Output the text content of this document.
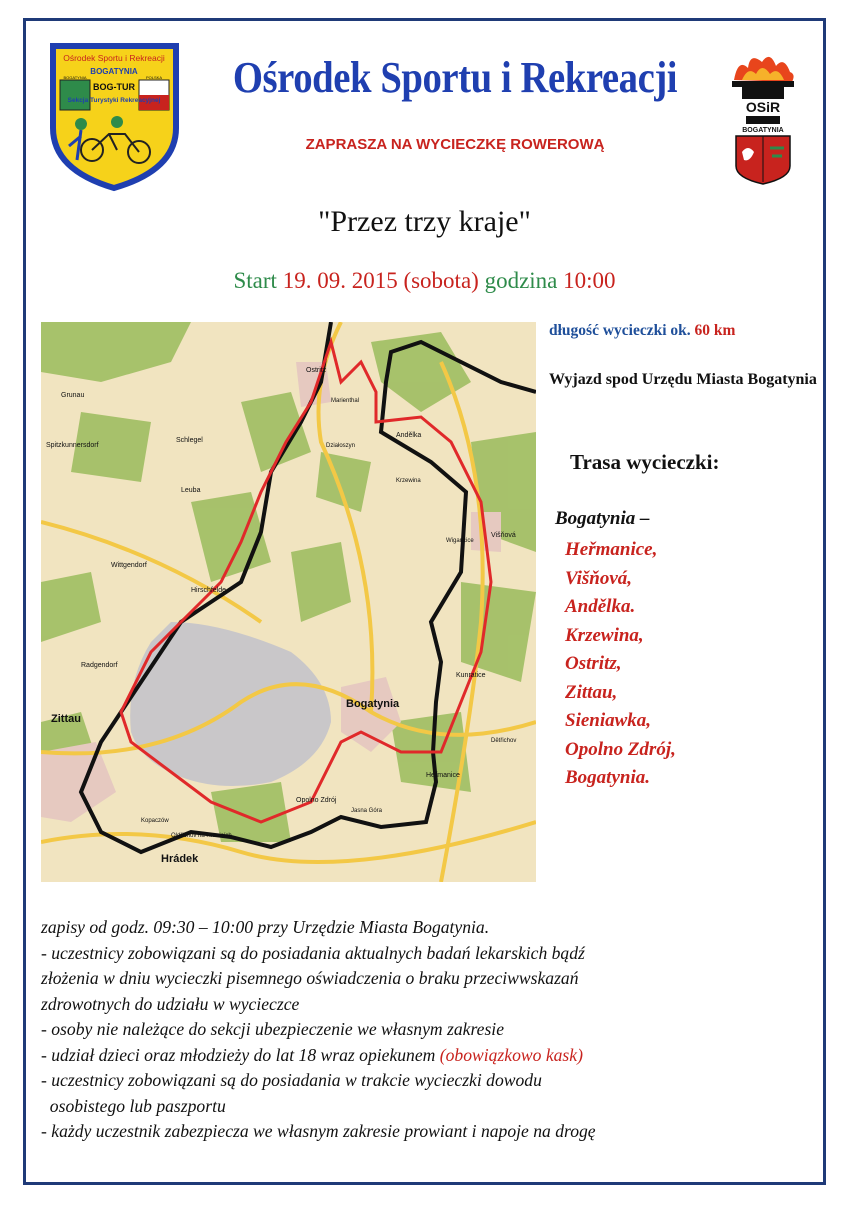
Ośrodek Sportu i Rekreacji
BOGATYNIA
BOGATYNIA	POLSKA
BOG-TUR
Sekcja Turystyki Rekreacyjnej	OSiR
BOGATYNIA
Ośrodek Sportu i Rekreacji
ZAPRASZA NA WYCIECZKĘ ROWEROWĄ
"Przez trzy kraje"
Start 19. 09. 2015 (sobota) godzina 10:00
Bogatynia
Zittau
Hrádek
Ostritz
Višňová
Andělka
Heřmanice
Opolno Zdrój
Kunratice
Oldřichov na Hranicích
Kopaczów
Dětřichov
Radgendorf
Hirschfelde
Wittgendorf
Leuba
Schlegel
Jasna Góra
Wigancice
Spitzkunnersdorf	Działoszyn
Grunau
Krzewina
Marienthal
długość wycieczki ok. 60 km
Wyjazd spod Urzędu Miasta Bogatynia
Trasa wycieczki:
Bogatynia –
Heřmanice,
Višňová,
Andělka.
Krzewina,
Ostritz,
Zittau,
Sieniawka,
Opolno Zdrój,
Bogatynia.
zapisy od godz. 09:30 – 10:00 przy Urzędzie Miasta Bogatynia.
- uczestnicy zobowiązani są do posiadania aktualnych badań lekarskich bądź
złożenia w dniu wycieczki pisemnego oświadczenia o braku przeciwwskazań
zdrowotnych do udziału w wycieczce
- osoby nie należące do sekcji ubezpieczenie we własnym zakresie
- udział dzieci oraz młodzieży do lat 18 wraz opiekunem (obowiązkowo kask)
- uczestnicy zobowiązani są do posiadania w trakcie wycieczki dowodu
osobistego lub paszportu
- każdy uczestnik zabezpiecza we własnym zakresie prowiant i napoje na drogę
